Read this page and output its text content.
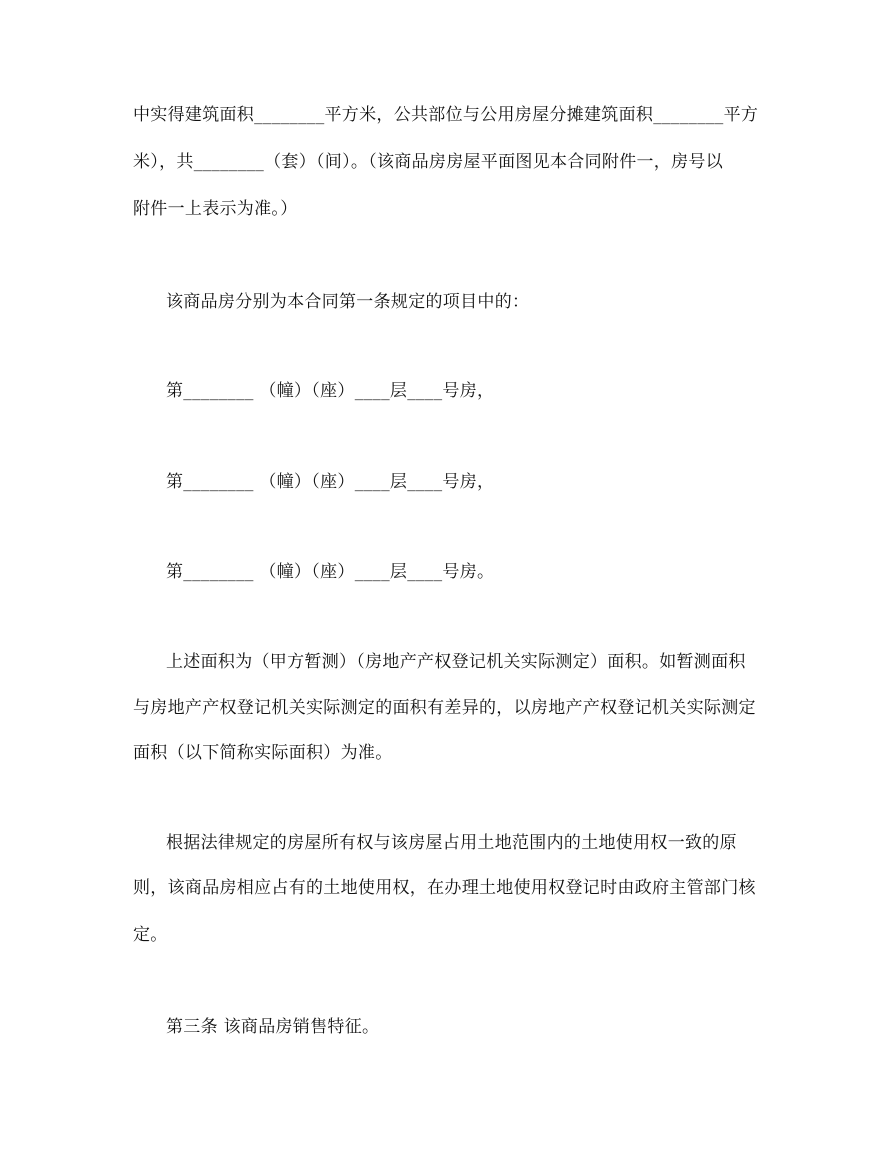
中实得建筑面积________平方米，公共部位与公用房屋分摊建筑面积________平方
米），共________（套）（间）。（该商品房房屋平面图见本合同附件一，房号以
附件一上表示为准。）
该商品房分别为本合同第一条规定的项目中的：
第________ （幢）（座）____层____号房，
第________ （幢）（座）____层____号房，
第________ （幢）（座）____层____号房。
上述面积为（甲方暂测）（房地产产权登记机关实际测定）面积。如暂测面积
与房地产产权登记机关实际测定的面积有差异的，以房地产产权登记机关实际测定
面积（以下简称实际面积）为准。
根据法律规定的房屋所有权与该房屋占用土地范围内的土地使用权一致的原
则，该商品房相应占有的土地使用权，在办理土地使用权登记时由政府主管部门核
定。
第三条 该商品房销售特征。
